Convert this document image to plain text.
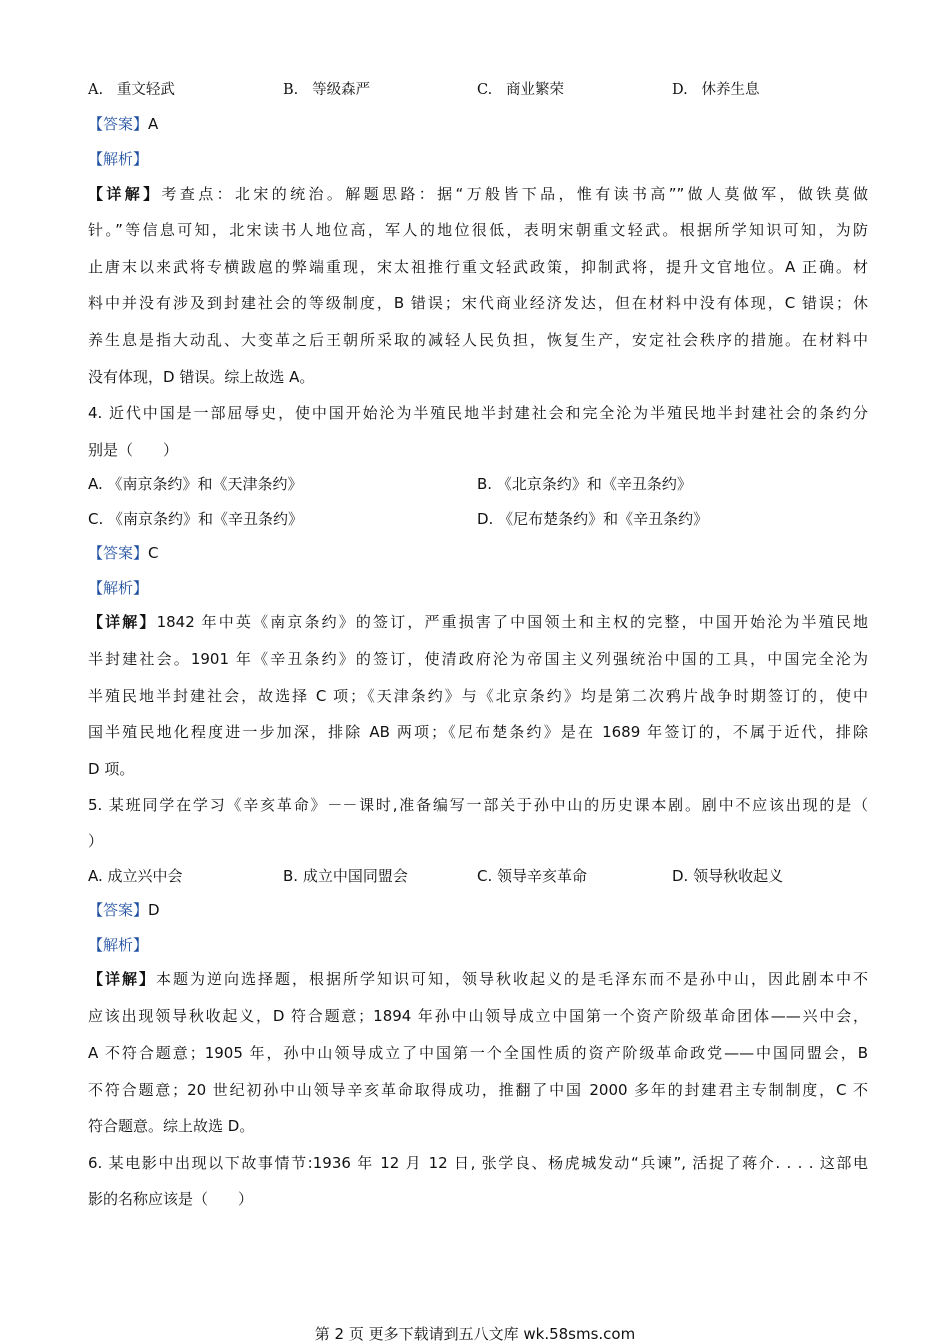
A. 重文轻武	B. 等级森严	C. 商业繁荣	D. 休养生息
【答案】A
【解析】
【详解】考查点：北宋的统治。解题思路：据“万般皆下品，惟有读书高””做人莫做军，做铁莫做
针。”等信息可知，北宋读书人地位高，军人的地位很低，表明宋朝重文轻武。根据所学知识可知，为防
止唐末以来武将专横跋扈的弊端重现，宋太祖推行重文轻武政策，抑制武将，提升文官地位。A 正确。材
料中并没有涉及到封建社会的等级制度，B 错误；宋代商业经济发达，但在材料中没有体现，C 错误；休
养生息是指大动乱、大变革之后王朝所采取的减轻人民负担，恢复生产，安定社会秩序的措施。在材料中
没有体现，D 错误。综上故选 A。
4. 近代中国是一部屈辱史，使中国开始沦为半殖民地半封建社会和完全沦为半殖民地半封建社会的条约分
别是（　　）
A. 《南京条约》和《天津条约》	B. 《北京条约》和《辛丑条约》
C. 《南京条约》和《辛丑条约》	D. 《尼布楚条约》和《辛丑条约》
【答案】C
【解析】
【详解】1842 年中英《南京条约》的签订，严重损害了中国领土和主权的完整，中国开始沦为半殖民地
半封建社会。1901 年《辛丑条约》的签订，使清政府沦为帝国主义列强统治中国的工具，中国完全沦为
半殖民地半封建社会，故选择 C 项；《天津条约》与《北京条约》均是第二次鸦片战争时期签订的，使中
国半殖民地化程度进一步加深，排除 AB 两项；《尼布楚条约》是在 1689 年签订的，不属于近代，排除
D 项。
5. 某班同学在学习《辛亥革命》－－课时,准备编写一部关于孙中山的历史课本剧。剧中不应该出现的是（
）
A. 成立兴中会	B. 成立中国同盟会	C. 领导辛亥革命	D. 领导秋收起义
【答案】D
【解析】
【详解】本题为逆向选择题，根据所学知识可知，领导秋收起义的是毛泽东而不是孙中山，因此剧本中不
应该出现领导秋收起义，D 符合题意；1894 年孙中山领导成立中国第一个资产阶级革命团体——兴中会，
A 不符合题意；1905 年，孙中山领导成立了中国第一个全国性质的资产阶级革命政党——中国同盟会，B
不符合题意；20 世纪初孙中山领导辛亥革命取得成功，推翻了中国 2000 多年的封建君主专制制度，C 不
符合题意。综上故选 D。
6. 某电影中出现以下故事情节:1936 年 12 月 12 日, 张学良、杨虎城发动“兵谏”, 活捉了蒋介. . . . 这部电
影的名称应该是（　　）
第 2 页 更多下载请到五八文库 wk.58sms.com
